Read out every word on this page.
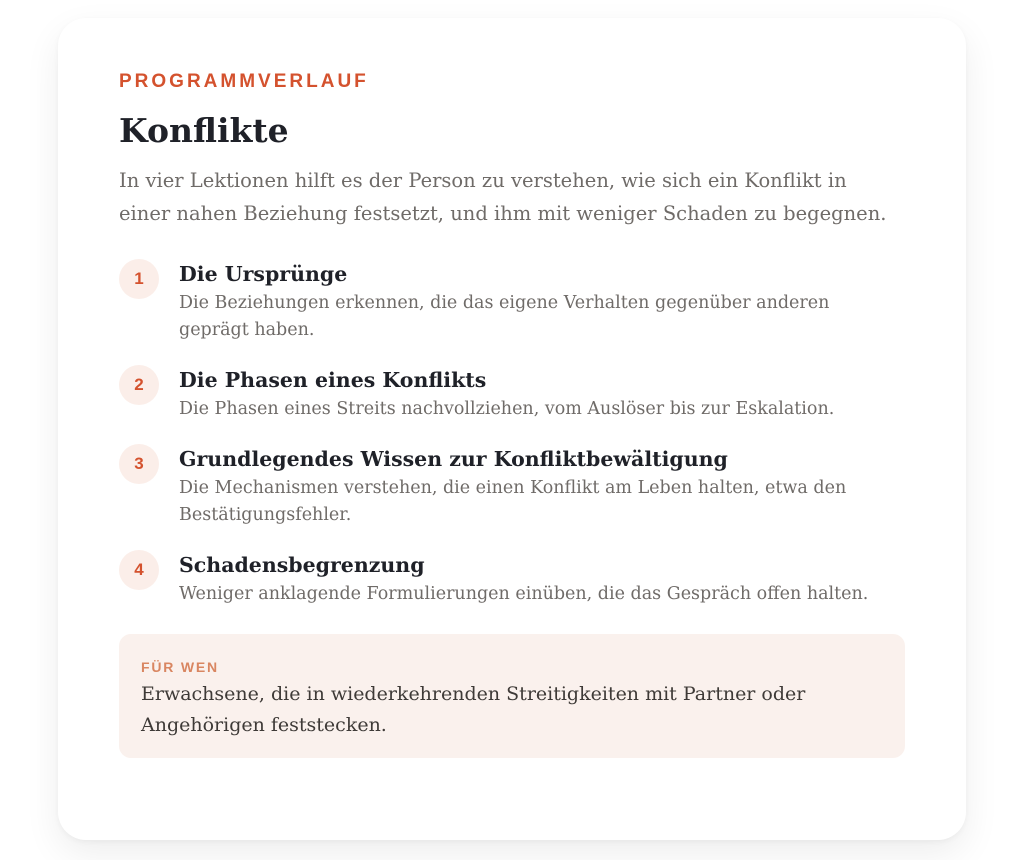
PROGRAMMVERLAUF
Konflikte

In vier Lektionen hilft es der Person zu verstehen, wie sich ein Konflikt in einer nahen Beziehung festsetzt, und ihm mit weniger Schaden zu begegnen.

1	Die Ursprünge
Die Beziehungen erkennen, die das eigene Verhalten gegenüber anderen geprägt haben.
2	Die Phasen eines Konflikts
Die Phasen eines Streits nachvollziehen, vom Auslöser bis zur Eskalation.
3	Grundlegendes Wissen zur Konfliktbewältigung
Die Mechanismen verstehen, die einen Konflikt am Leben halten, etwa den Bestätigungsfehler.
4	Schadensbegrenzung
Weniger anklagende Formulierungen einüben, die das Gespräch offen halten.
FÜR WEN
Erwachsene, die in wiederkehrenden Streitigkeiten mit Partner oder Angehörigen feststecken.
